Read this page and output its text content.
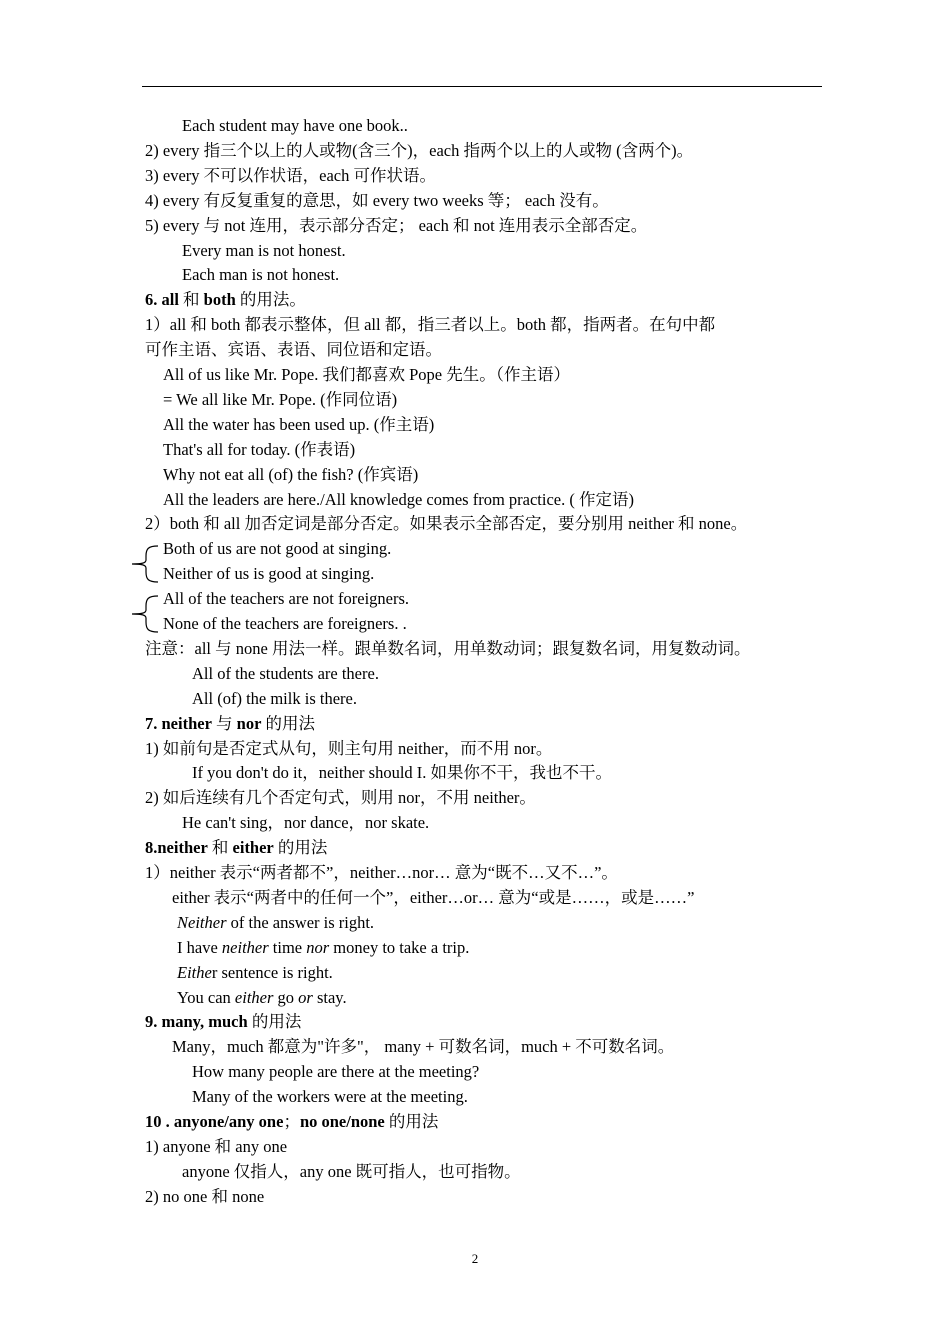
Each student may have one book..
2) every 指三个以上的人或物(含三个)，each 指两个以上的人或物 (含两个)。
3) every 不可以作状语，each 可作状语。
4) every 有反复重复的意思，如 every two weeks 等； each 没有。
5) every 与 not 连用，表示部分否定； each 和 not 连用表示全部否定。
Every man is not honest.
Each man is not honest.
6. all 和 both 的用法。
1）all 和 both 都表示整体，但 all 都，指三者以上。both 都，指两者。在句中都
可作主语、宾语、表语、同位语和定语。
All of us like Mr. Pope. 我们都喜欢 Pope 先生。（作主语）
= We all like Mr. Pope. (作同位语)
All the water has been used up. (作主语)
That's all for today. (作表语)
Why not eat all (of) the fish? (作宾语)
All the leaders are here./All knowledge comes from practice. ( 作定语)
2）both 和 all 加否定词是部分否定。如果表示全部否定，要分别用 neither 和 none。
Both of us are not good at singing.
Neither of us is good at singing.
All of the teachers are not foreigners.
None of the teachers are foreigners. .
注意：all 与 none 用法一样。跟单数名词，用单数动词；跟复数名词，用复数动词。
All of the students are there.
All (of) the milk is there.
7. neither 与 nor 的用法
1) 如前句是否定式从句，则主句用 neither，而不用 nor。
If you don't do it，neither should I. 如果你不干，我也不干。
2) 如后连续有几个否定句式，则用 nor，不用 neither。
He can't sing，nor dance，nor skate.
8.neither 和 either 的用法
1）neither 表示“两者都不”，neither…nor… 意为“既不…又不…”。
either 表示“两者中的任何一个”，either…or… 意为“或是……，或是……”
Neither of the answer is right.
I have neither time nor money to take a trip.
Either sentence is right.
You can either go or stay.
9. many, much 的用法
Many，much 都意为"许多"， many + 可数名词，much + 不可数名词。
How many people are there at the meeting?
Many of the workers were at the meeting.
10 . anyone/any one；no one/none 的用法
1) anyone 和 any one
anyone 仅指人，any one 既可指人，也可指物。
2) no one 和 none
2
